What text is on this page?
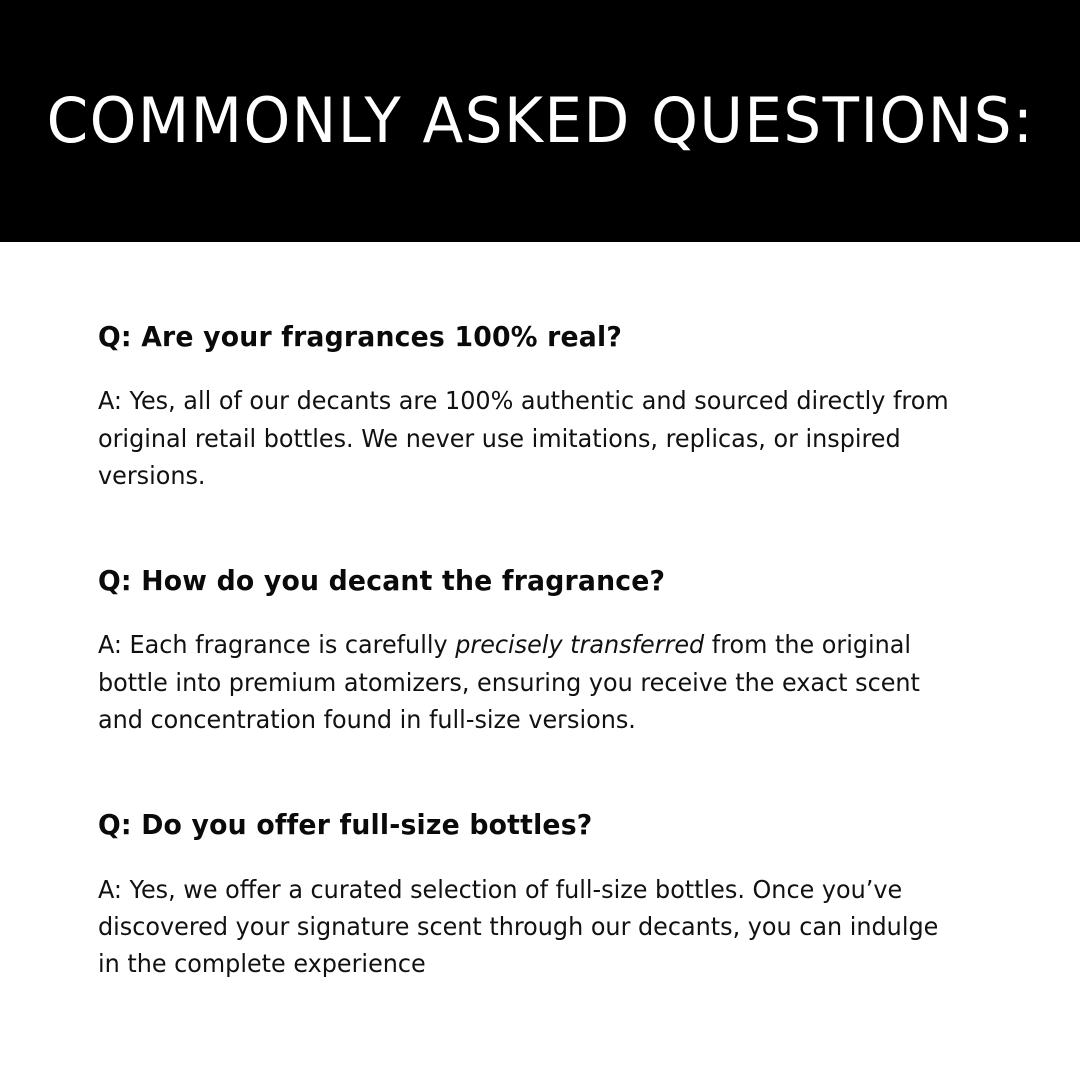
COMMONLY ASKED QUESTIONS:
Q: Are your fragrances 100% real?
A: Yes, all of our decants are 100% authentic and sourced directly from original retail bottles. We never use imitations, replicas, or inspired versions.
Q: How do you decant the fragrance?
A: Each fragrance is carefully precisely transferred from the original bottle into premium atomizers, ensuring you receive the exact scent and concentration found in full-size versions.
Q: Do you offer full-size bottles?
A: Yes, we offer a curated selection of full-size bottles. Once you’ve discovered your signature scent through our decants, you can indulge in the complete experience
